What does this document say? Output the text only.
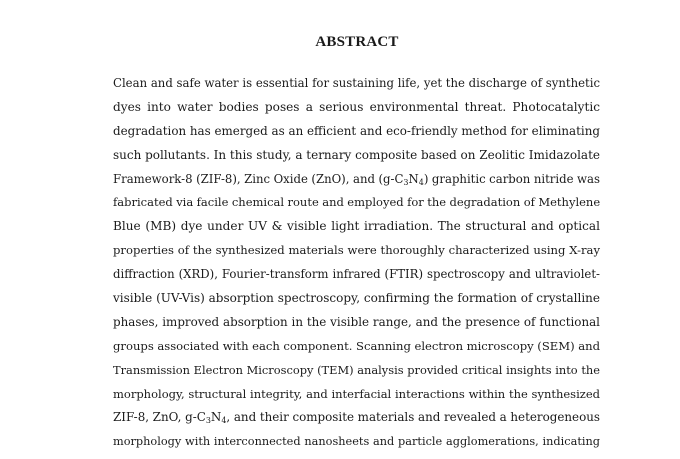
ABSTRACT
Clean and safe water is essential for sustaining life, yet the discharge of synthetic
dyes into water bodies poses a serious environmental threat. Photocatalytic
degradation has emerged as an efficient and eco-friendly method for eliminating
such pollutants. In this study, a ternary composite based on Zeolitic Imidazolate
Framework-8 (ZIF-8), Zinc Oxide (ZnO), and $(g-C_3N_4)$ graphitic carbon nitride was
fabricated via facile chemical route and employed for the degradation of Methylene
Blue (MB) dye under UV & visible light irradiation. The structural and optical
properties of the synthesized materials were thoroughly characterized using X-ray
diffraction (XRD), Fourier-transform infrared (FTIR) spectroscopy and ultraviolet-
visible (UV-Vis) absorption spectroscopy, confirming the formation of crystalline
phases, improved absorption in the visible range, and the presence of functional
groups associated with each component. Scanning electron microscopy (SEM) and
Transmission Electron Microscopy (TEM) analysis provided critical insights into the
morphology, structural integrity, and interfacial interactions within the synthesized
ZIF-8, ZnO, $g-C_3N_4$, and their composite materials and revealed a heterogeneous
morphology with interconnected nanosheets and particle agglomerations, indicating
